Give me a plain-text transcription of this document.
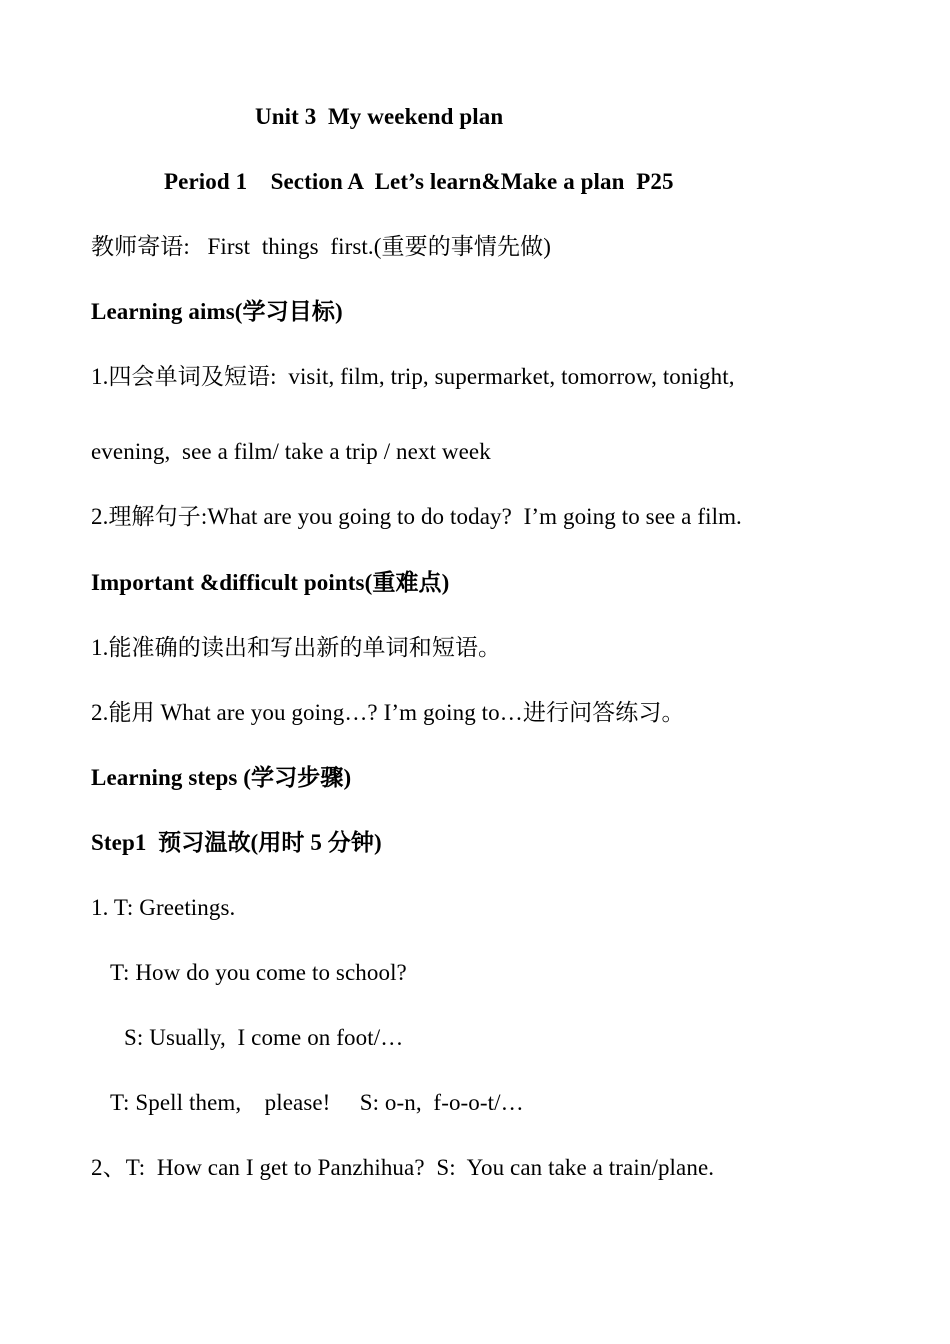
Unit 3  My weekend plan
Period 1    Section A  Let’s learn&Make a plan  P25
教师寄语:   First  things  first.(重要的事情先做)
Learning aims(学习目标)
1.四会单词及短语:  visit, film, trip, supermarket, tomorrow, tonight,
evening,  see a film/ take a trip / next week
2.理解句子:What are you going to do today?  I’m going to see a film.
Important &difficult points(重难点)
1.能准确的读出和写出新的单词和短语。
2.能用 What are you going…? I’m going to…进行问答练习。
Learning steps (学习步骤)
Step1  预习温故(用时 5 分钟)
1. T: Greetings.
T: How do you come to school?
S: Usually,  I come on foot/…
T: Spell them,    please!     S: o-n,  f-o-o-t/…
2、T:  How can I get to Panzhihua?  S:  You can take a train/plane.
